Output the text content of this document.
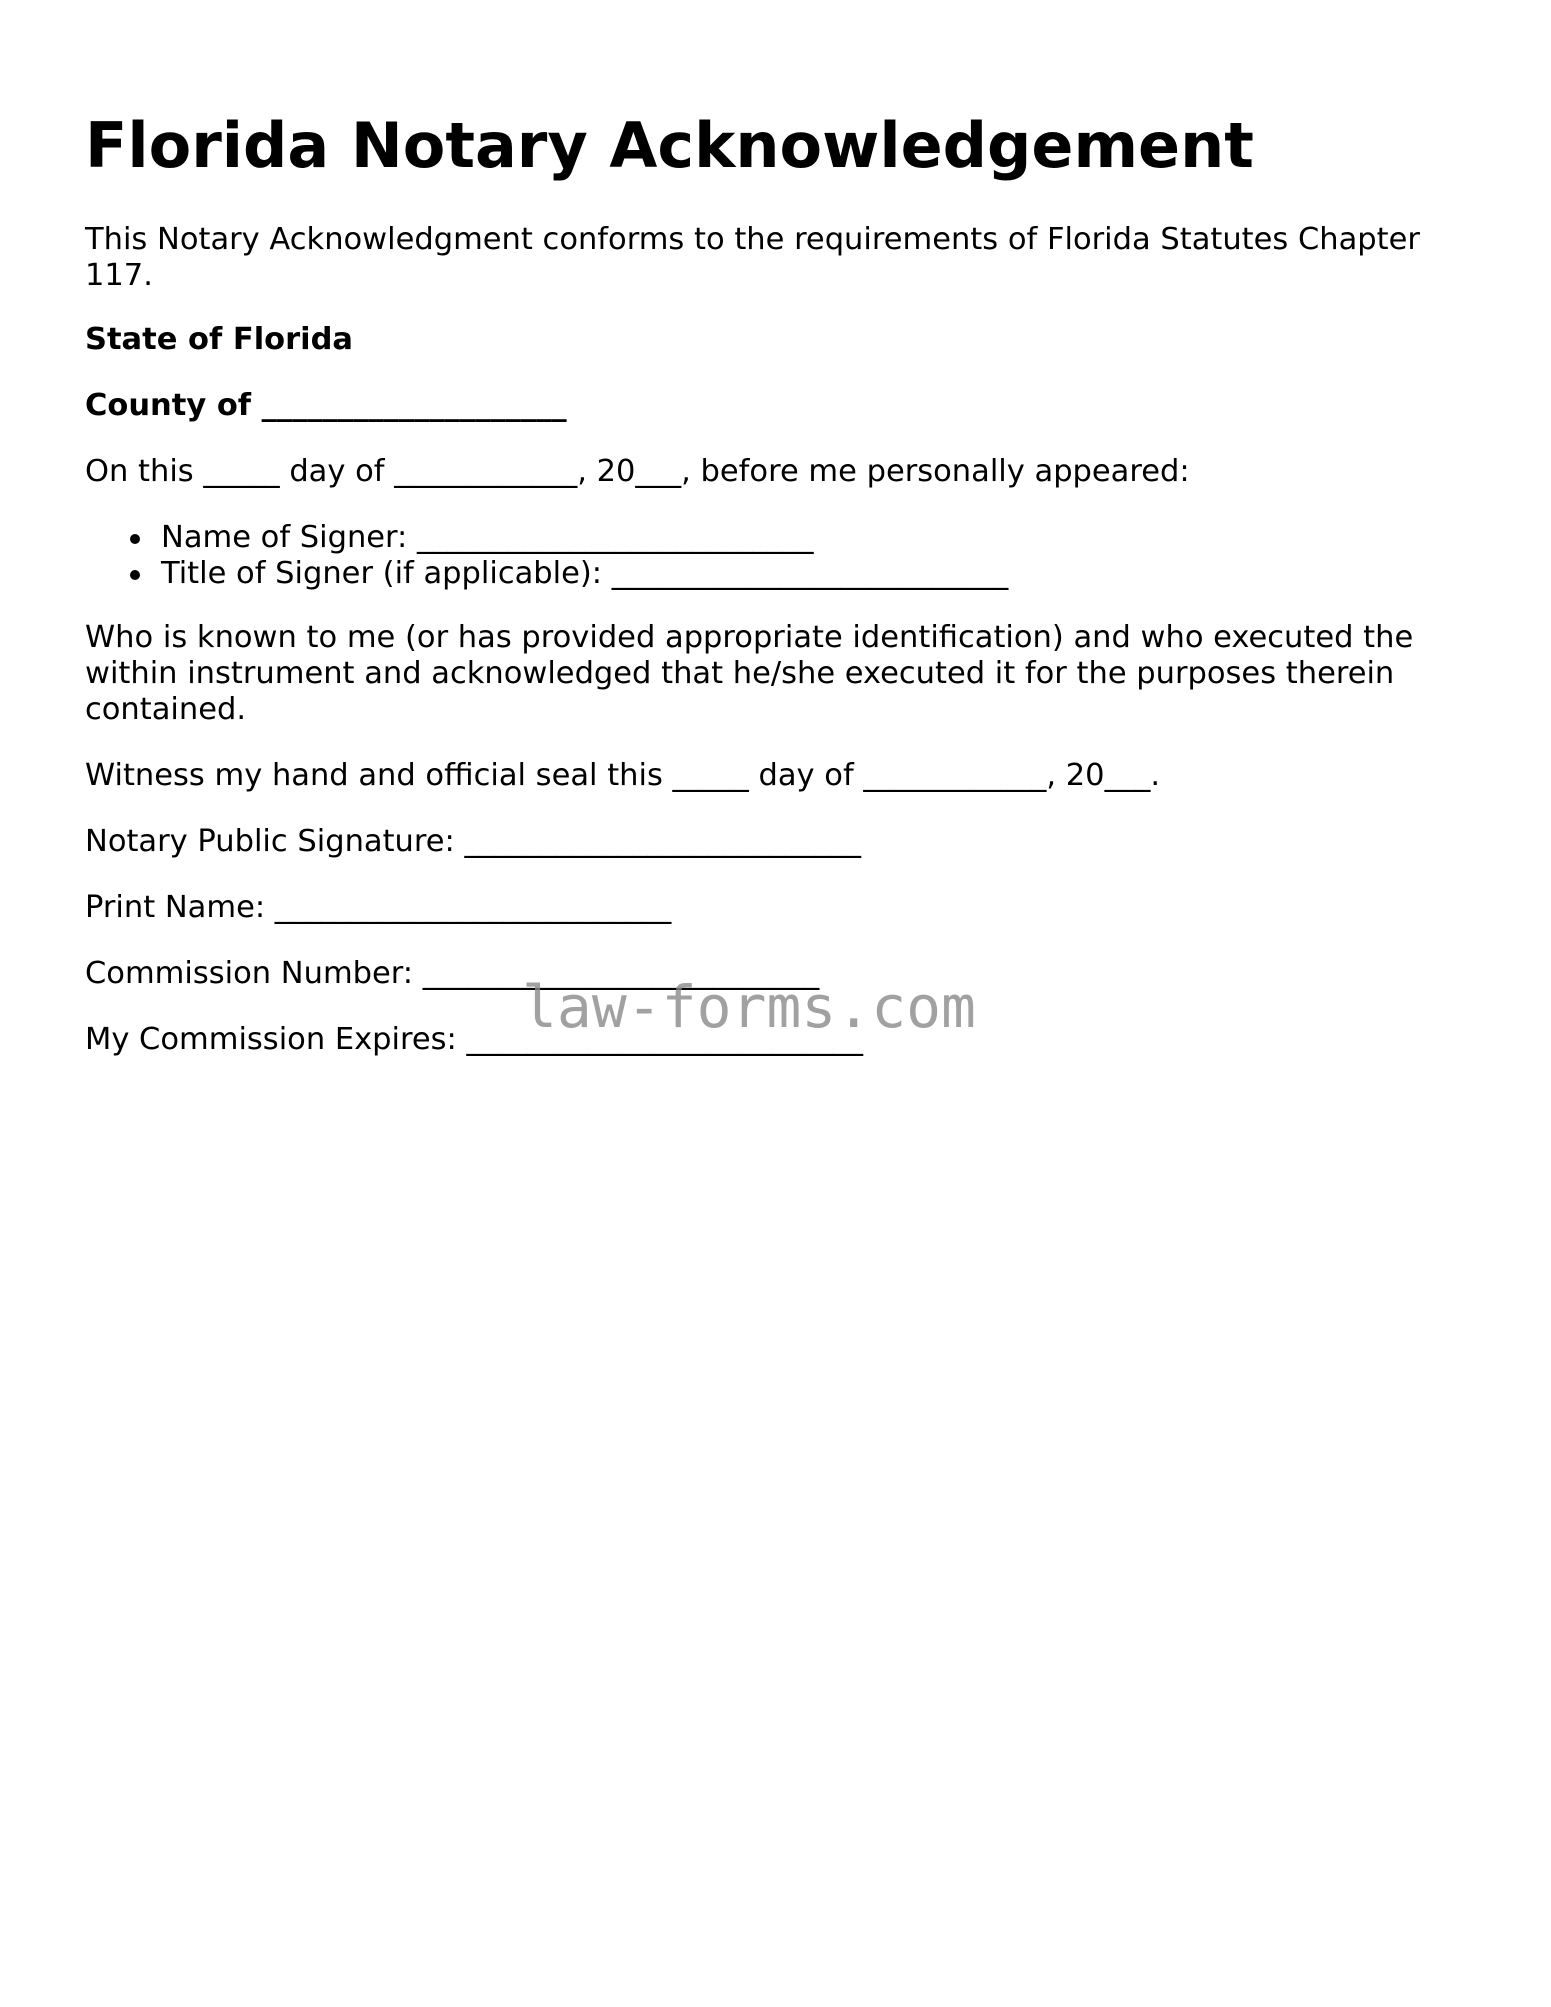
Florida Notary Acknowledgement

This Notary Acknowledgment conforms to the requirements of Florida Statutes Chapter 117.

State of Florida

County of ____________________

On this _____ day of ____________, 20___, before me personally appeared:

Name of Signer: __________________________
Title of Signer (if applicable): __________________________

Who is known to me (or has provided appropriate identification) and who executed the within instrument and acknowledged that he/she executed it for the purposes therein contained.

Witness my hand and official seal this _____ day of ____________, 20___.

Notary Public Signature: __________________________

Print Name: __________________________

Commission Number: __________________________

My Commission Expires: __________________________

law-forms.com
